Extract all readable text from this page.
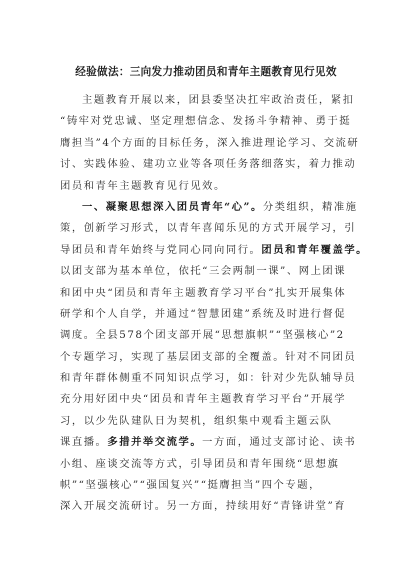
经验做法：三向发力推动团员和青年主题教育见行见效
主题教育开展以来，团县委坚决扛牢政治责任，紧扣
“铸牢对党忠诚、坚定理想信念、发扬斗争精神、勇于挺
膺担当”4个方面的目标任务，深入推进理论学习、交流研
讨、实践体验、建功立业等各项任务落细落实，着力推动
团员和青年主题教育见行见效。
一、凝聚思想深入团员青年“心”。分类组织，精准施
策，创新学习形式，以青年喜闻乐见的方式开展学习，引
导团员和青年始终与党同心同向同行。团员和青年覆盖学。
以团支部为基本单位，依托“三会两制一课”、网上团课
和团中央“团员和青年主题教育学习平台”扎实开展集体
研学和个人自学，并通过“智慧团建”系统及时进行督促
调度。全县578个团支部开展“思想旗帜”“坚强核心”2
个专题学习，实现了基层团支部的全覆盖。针对不同团员
和青年群体侧重不同知识点学习，如：针对少先队辅导员
充分用好团中央“团员和青年主题教育学习平台”开展学
习，以少先队建队日为契机，组织集中观看主题云队
课直播。多措并举交流学。一方面，通过支部讨论、读书
小组、座谈交流等方式，引导团员和青年围绕“思想旗
帜”“坚强核心”“强国复兴”“挺膺担当”四个专题，
深入开展交流研讨。另一方面，持续用好“青锋讲堂”育
